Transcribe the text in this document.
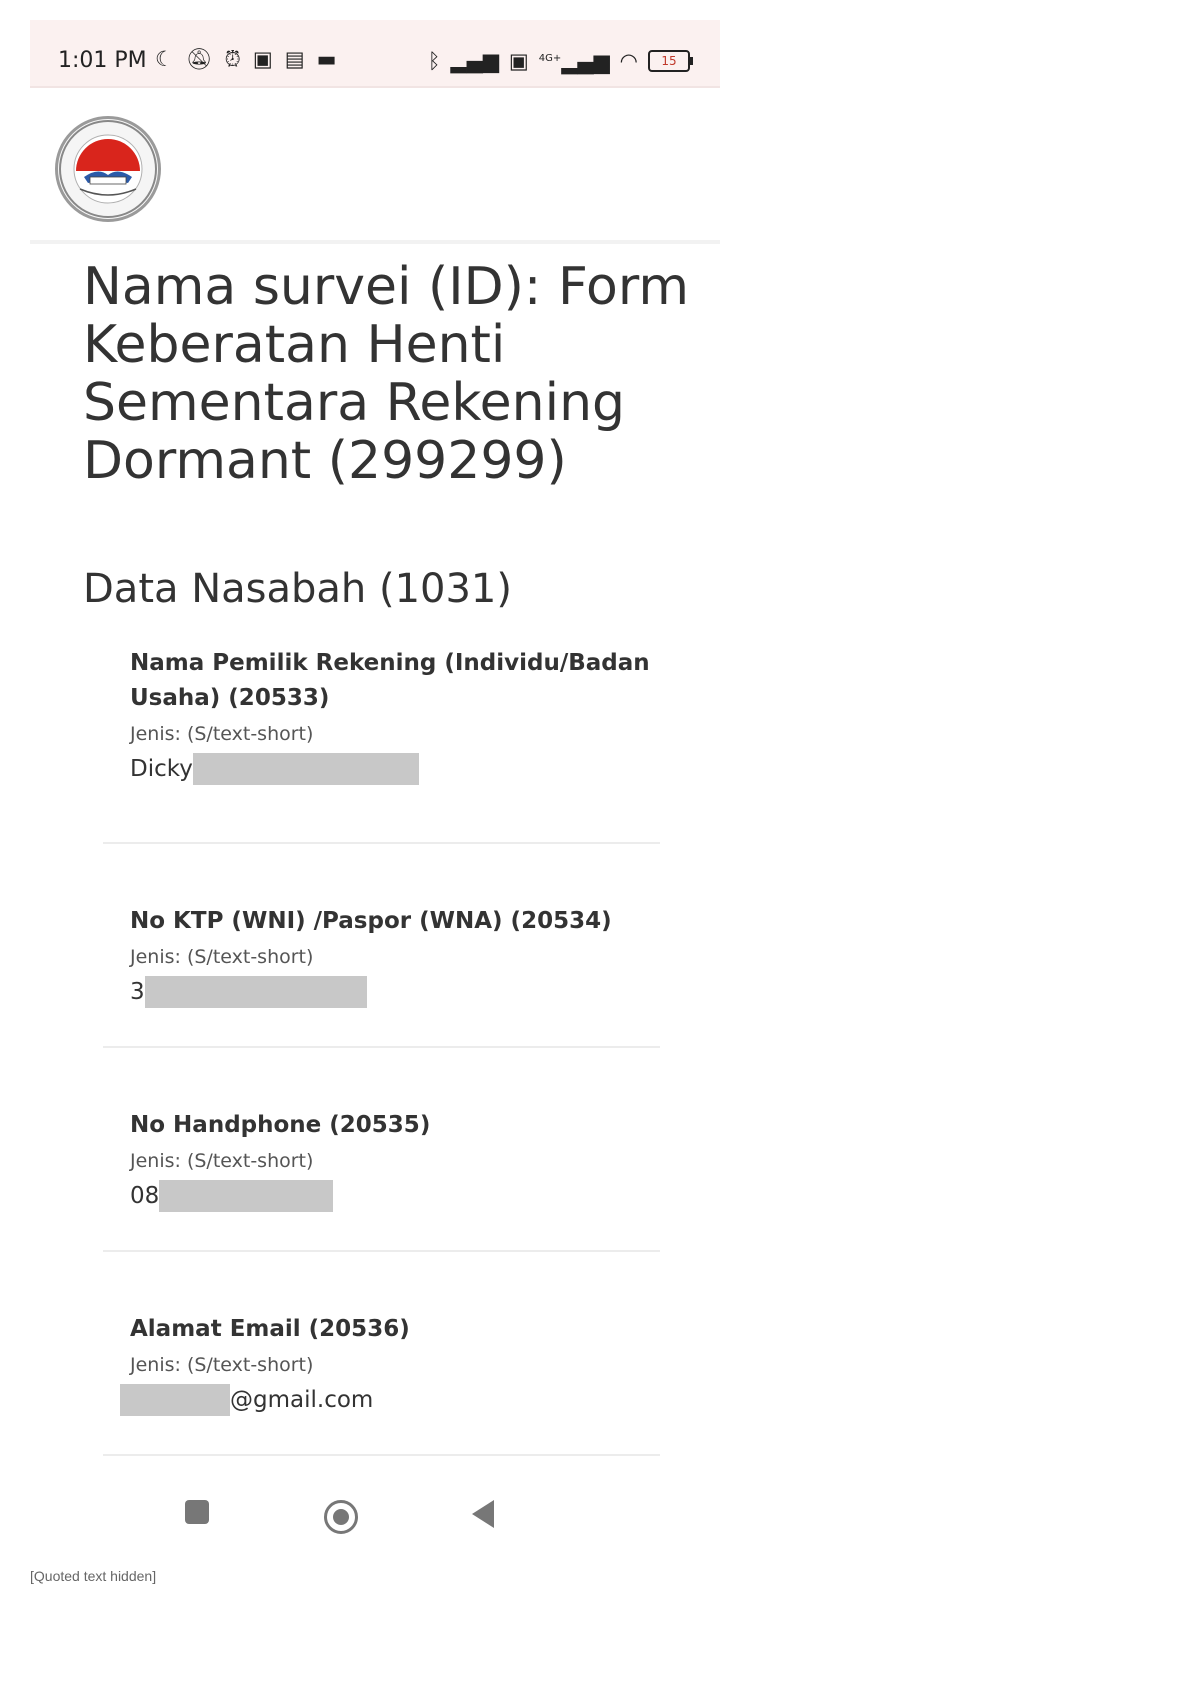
1:01 PM ☾ 🔕︎ ⏰︎ ▣ ▤ ▬	ᛒ ▂▄▆ ▣ $^{4G+}$▂▄▆ ◠ 15
Nama survei (ID): Form Keberatan Henti Sementara Rekening Dormant (299299)
Data Nasabah (1031)
Nama Pemilik Rekening (Individu/Badan Usaha) (20533)
Jenis: (S/text-short)
Dicky
No KTP (WNI) /Paspor (WNA) (20534)
Jenis: (S/text-short)
3
No Handphone (20535)
Jenis: (S/text-short)
08
Alamat Email (20536)
Jenis: (S/text-short)
@gmail.com
[Quoted text hidden]
